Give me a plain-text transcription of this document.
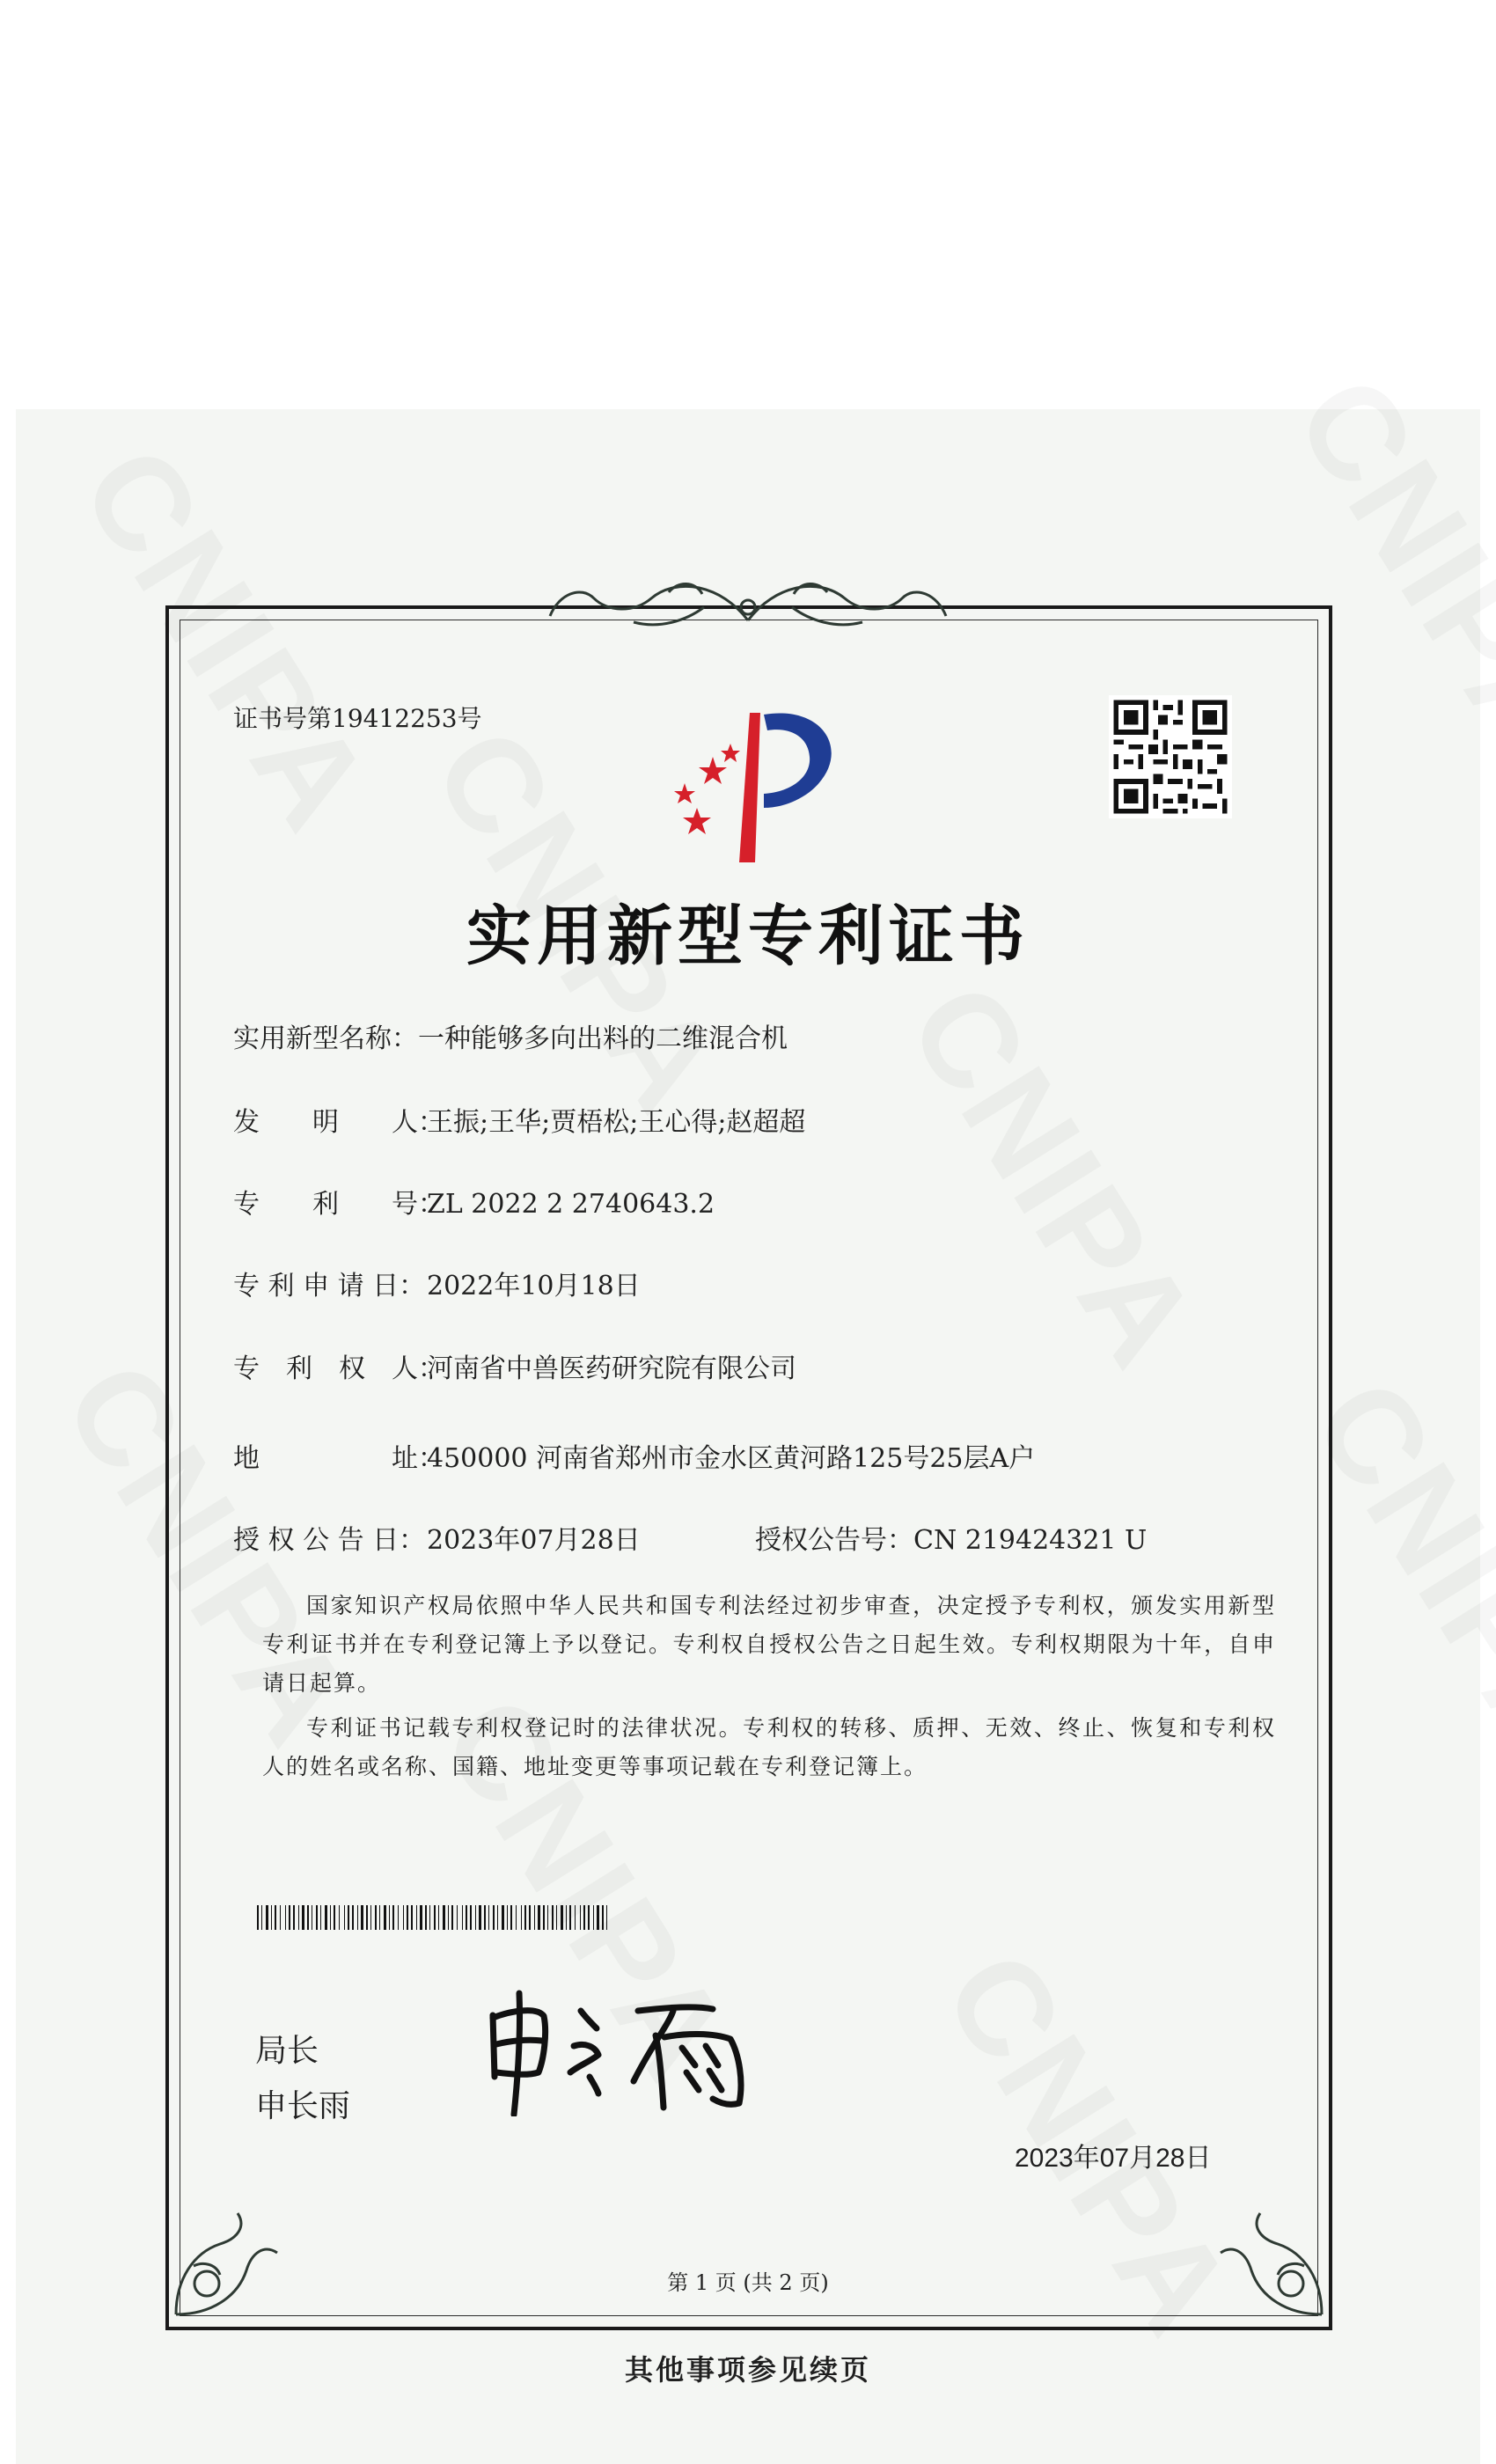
证书号第19412253号
实用新型专利证书
实用新型名称：一种能够多向出料的二维混合机
发　　明　　人：王振;王华;贾梧松;王心得;赵超超
专　　利　　号：ZL 2022 2 2740643.2
专 利 申 请 日：2022年10月18日
专　利　权　人：河南省中兽医药研究院有限公司
地　　　　　址：450000 河南省郑州市金水区黄河路125号25层A户
授 权 公 告 日：2023年07月28日	授权公告号：CN 219424321 U
国家知识产权局依照中华人民共和国专利法经过初步审查，决定授予专利权，颁发实用新型专利证书并在专利登记簿上予以登记。专利权自授权公告之日起生效。专利权期限为十年，自申请日起算。
专利证书记载专利权登记时的法律状况。专利权的转移、质押、无效、终止、恢复和专利权人的姓名或名称、国籍、地址变更等事项记载在专利登记簿上。
局长
申长雨
2023年07月28日
第 1 页 (共 2 页)
其他事项参见续页
